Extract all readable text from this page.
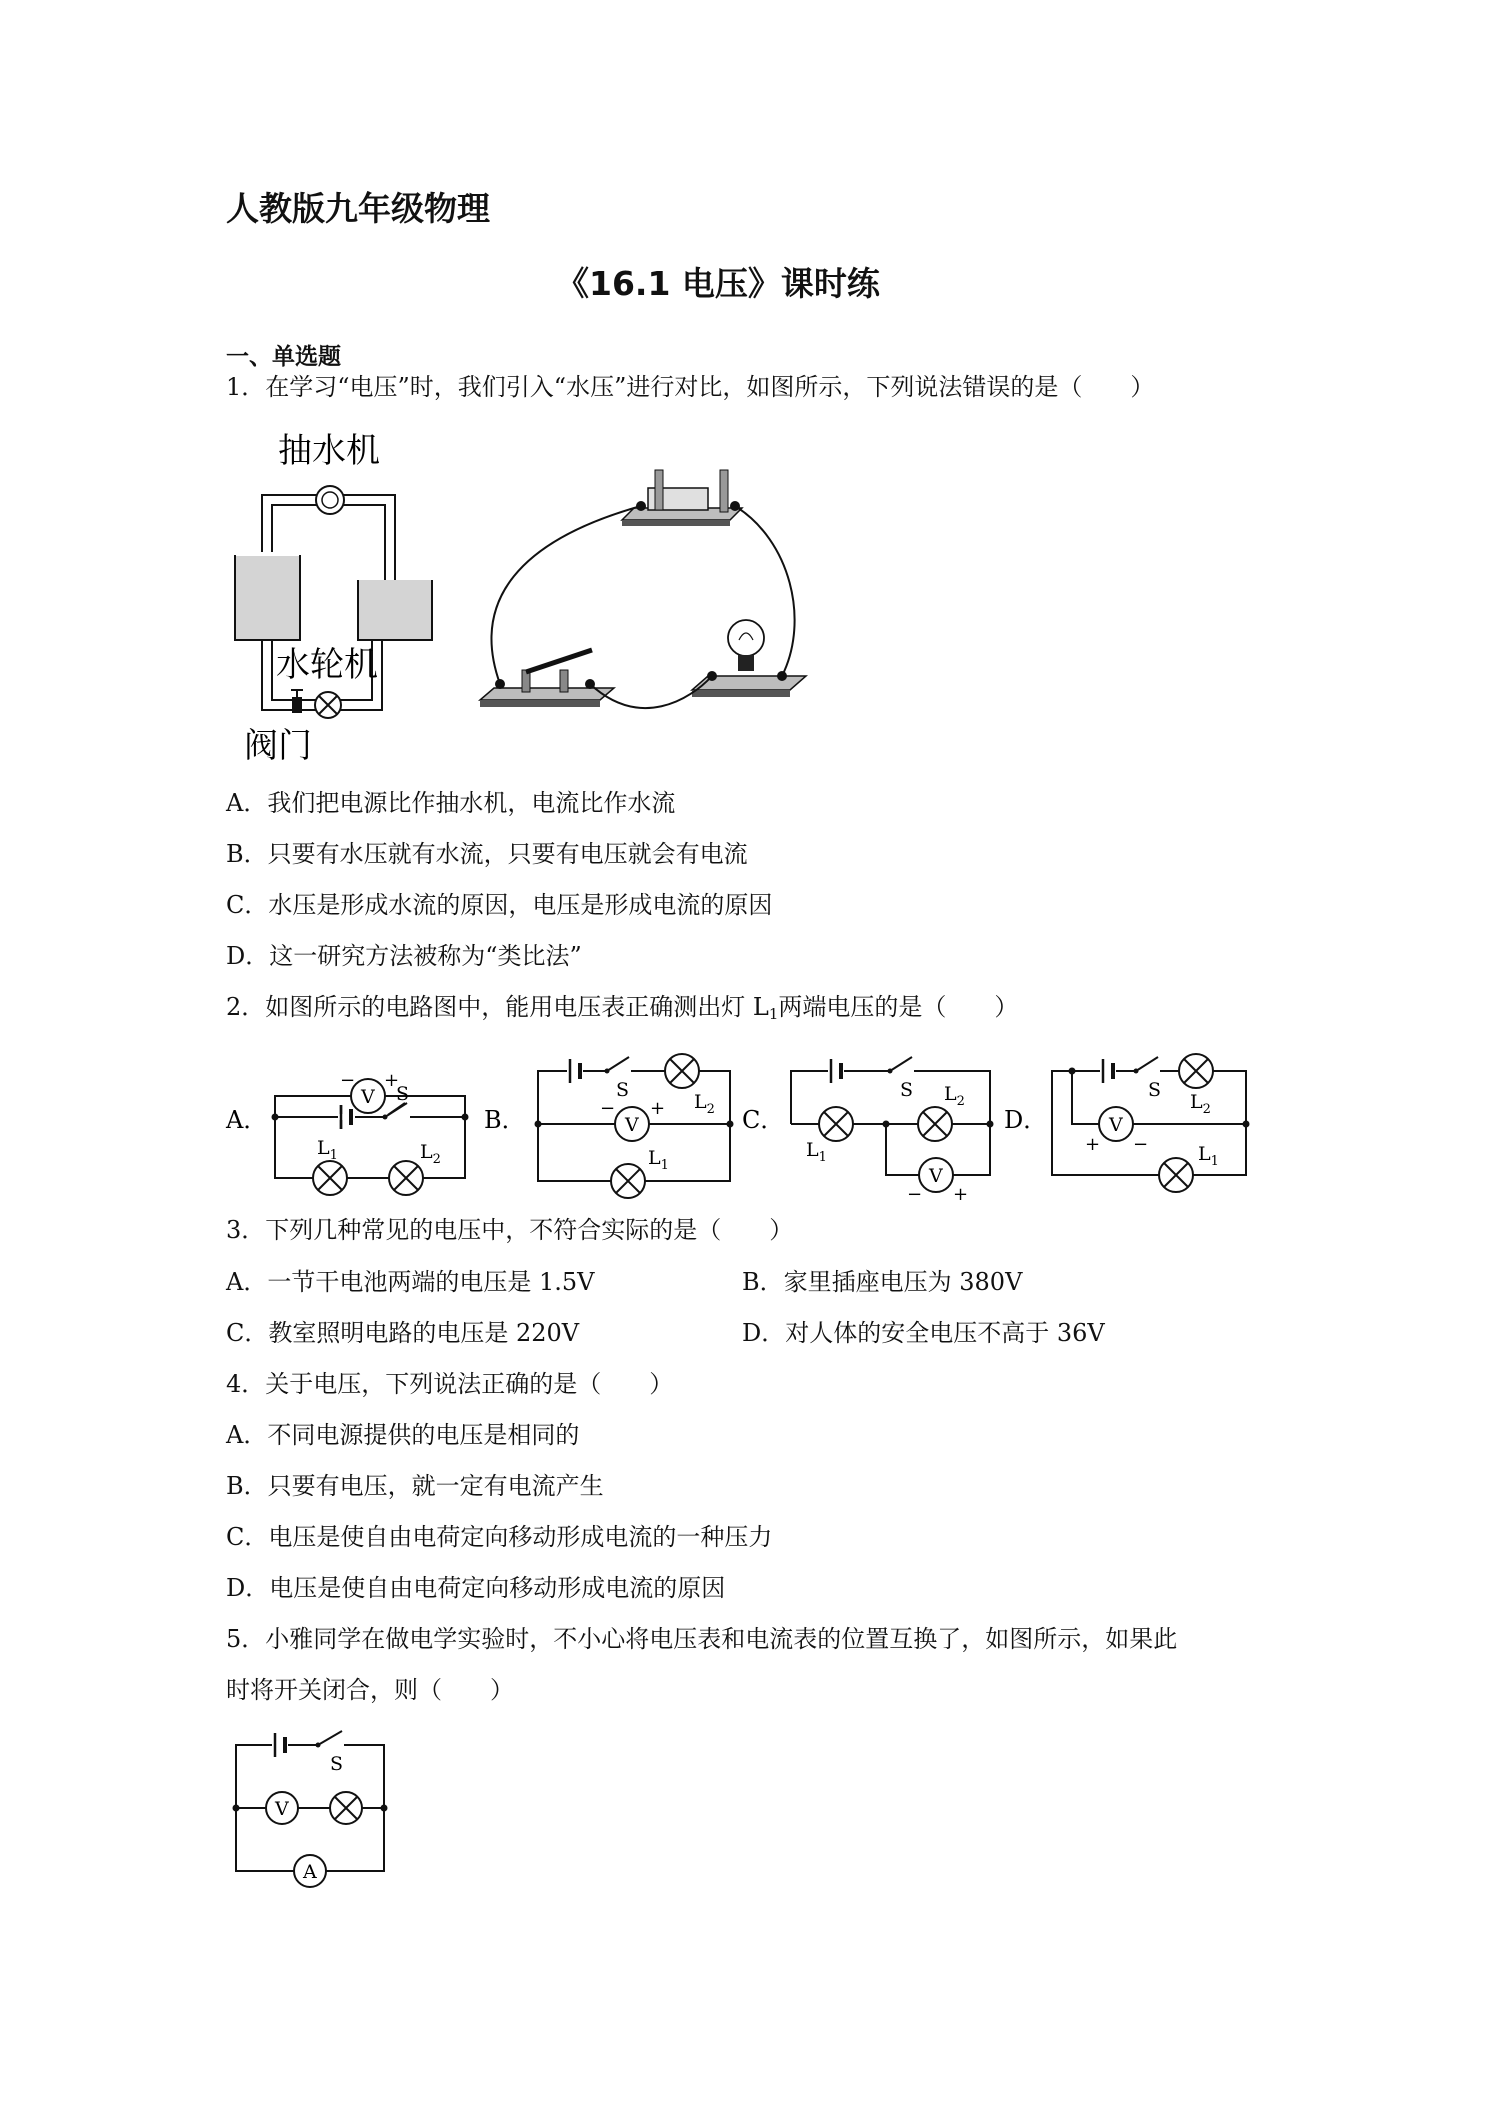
人教版九年级物理
《16.1 电压》课时练
一、单选题
1．在学习“电压”时，我们引入“水压”进行对比，如图所示，下列说法错误的是（　　）
抽水机
水轮机
阀门
A．我们把电源比作抽水机，电流比作水流
B．只要有水压就有水流，只要有电压就会有电流
C．水压是形成水流的原因，电压是形成电流的原因
D．这一研究方法被称为“类比法”
2．如图所示的电路图中，能用电压表正确测出灯 $L_1$两端电压的是（　　）
A．
V
− +
S
$L_1$	$L_2$
B．	V
− +
S
$L_2$
$L_1$
C．
S
$L_1$
$L_2$
V
− +
D．
S
$L_2$
V
+ −	$L_1$
3．下列几种常见的电压中，不符合实际的是（　　）
A．一节干电池两端的电压是 1.5V	B．家里插座电压为 380V
C．教室照明电路的电压是 220V	D．对人体的安全电压不高于 36V
4．关于电压，下列说法正确的是（　　）
A．不同电源提供的电压是相同的
B．只要有电压，就一定有电流产生
C．电压是使自由电荷定向移动形成电流的一种压力
D．电压是使自由电荷定向移动形成电流的原因
5．小雅同学在做电学实验时，不小心将电压表和电流表的位置互换了，如图所示，如果此
时将开关闭合，则（　　）
S
V
A
